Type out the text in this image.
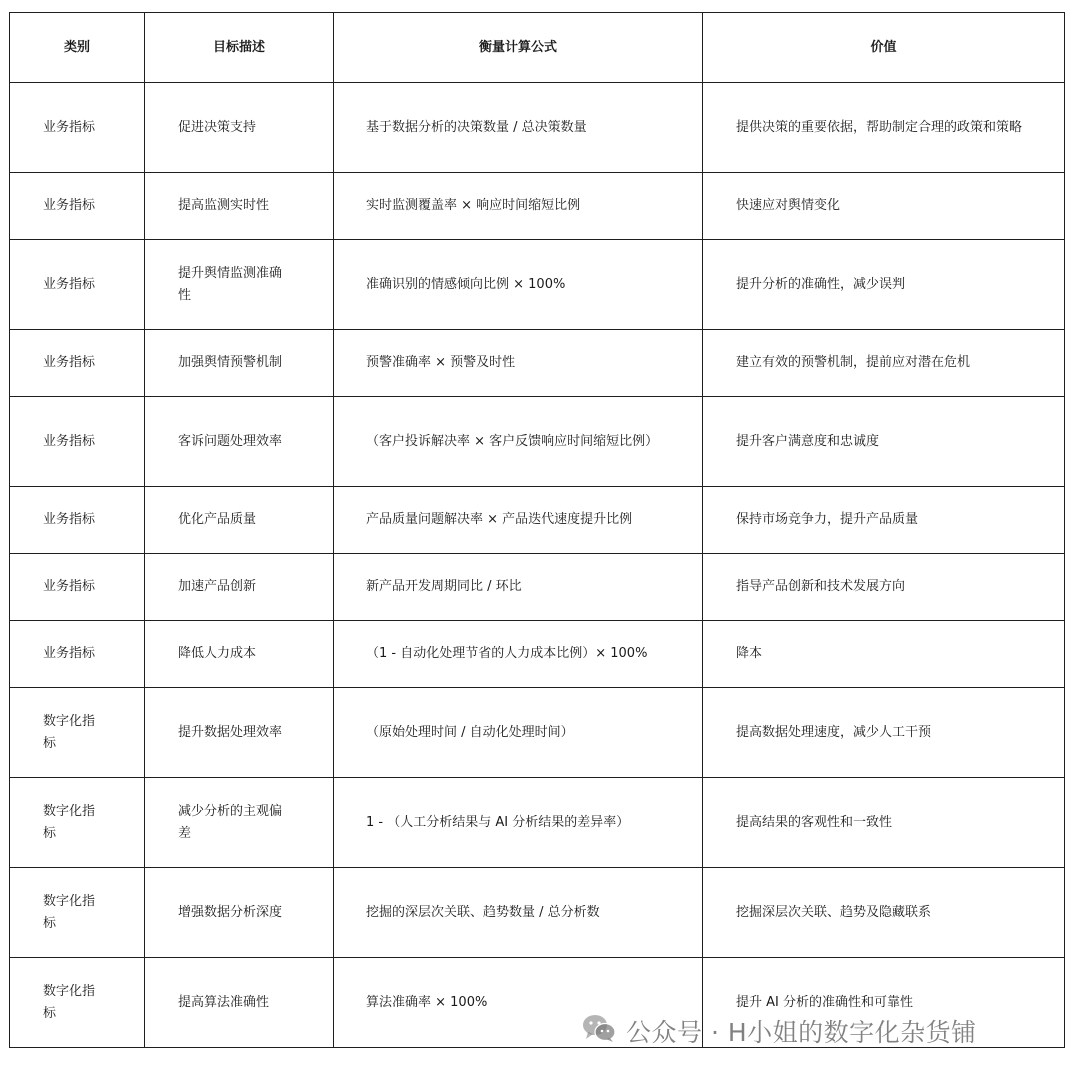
类别	目标描述	衡量计算公式	价值
业务指标	促进决策支持	基于数据分析的决策数量 / 总决策数量	提供决策的重要依据，帮助制定合理的政策和策略
业务指标	提高监测实时性	实时监测覆盖率 × 响应时间缩短比例	快速应对舆情变化
业务指标	提升舆情监测准确性	准确识别的情感倾向比例 × 100%	提升分析的准确性，减少误判
业务指标	加强舆情预警机制	预警准确率 × 预警及时性	建立有效的预警机制，提前应对潜在危机
业务指标	客诉问题处理效率	（客户投诉解决率 × 客户反馈响应时间缩短比例）	提升客户满意度和忠诚度
业务指标	优化产品质量	产品质量问题解决率 × 产品迭代速度提升比例	保持市场竞争力，提升产品质量
业务指标	加速产品创新	新产品开发周期同比 / 环比	指导产品创新和技术发展方向
业务指标	降低人力成本	（1 - 自动化处理节省的人力成本比例）× 100%	降本
数字化指标	提升数据处理效率	（原始处理时间 / 自动化处理时间）	提高数据处理速度，减少人工干预
数字化指标	减少分析的主观偏差	1 - （人工分析结果与 AI 分析结果的差异率）	提高结果的客观性和一致性
数字化指标	增强数据分析深度	挖掘的深层次关联、趋势数量 / 总分析数	挖掘深层次关联、趋势及隐藏联系
数字化指标	提高算法准确性	算法准确率 × 100%	提升 AI 分析的准确性和可靠性
公众号 · H小姐的数字化杂货铺
